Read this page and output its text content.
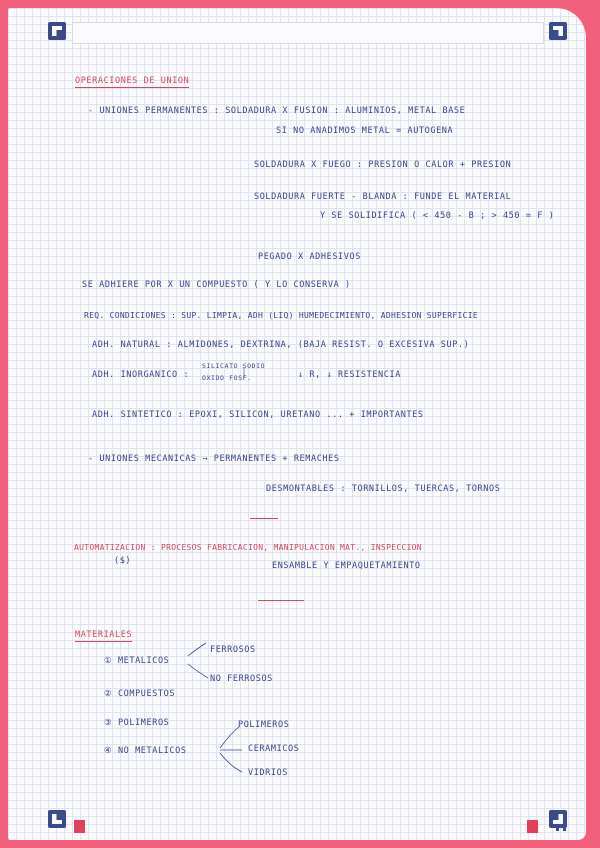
OPERACIONES DE UNION
- UNIONES PERMANENTES : SOLDADURA X FUSION : ALUMINIOS, METAL BASE
SI NO ANADIMOS METAL = AUTOGENA
SOLDADURA X FUEGO : PRESION O CALOR + PRESION
SOLDADURA FUERTE - BLANDA : FUNDE EL MATERIAL
Y SE SOLIDIFICA ( < 450 - B ; > 450 = F )
PEGADO X ADHESIVOS
SE ADHIERE POR X UN COMPUESTO ( Y LO CONSERVA )
REQ. CONDICIONES : SUP. LIMPIA, ADH (LIQ) HUMEDECIMIENTO, ADHESION SUPERFICIE
ADH. NATURAL : ALMIDONES, DEXTRINA, (BAJA RESIST. O EXCESIVA SUP.)
ADH. INORGANICO :
SILICATO SODIO
OXIDO FOSF.	↓ R, ↓ RESISTENCIA
ADH. SINTETICO : EPOXI, SILICON, URETANO ... + IMPORTANTES
- UNIONES MECANICAS → PERMANENTES + REMACHES
DESMONTABLES : TORNILLOS, TUERCAS, TORNOS
AUTOMATIZACION : PROCESOS FABRICACION, MANIPULACION MAT., INSPECCION
($)	ENSAMBLE Y EMPAQUETAMIENTO
MATERIALES
① METALICOS
FERROSOS
NO FERROSOS
② COMPUESTOS
③ POLIMEROS
④ NO METALICOS
POLIMEROS
CERAMICOS
VIDRIOS
